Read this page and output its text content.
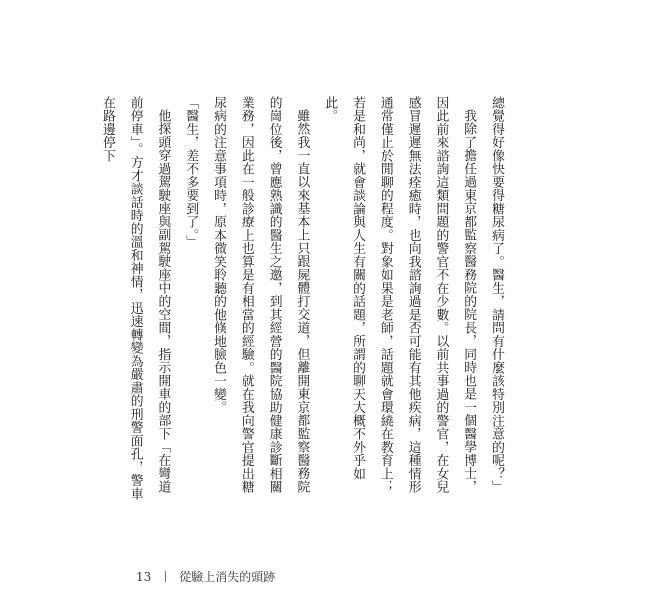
總覺得好像快要得糖尿病了。醫生，請問有什麼該特別注意的呢？」

我除了擔任過東京都監察醫務院的院長，同時也是一個醫學博士，因此前來諮詢這類問題的警官不在少數。以前共事過的警官，在女兒感冒遲遲無法痊癒時，也向我諮詢過是否可能有其他疾病，這種情形通常僅止於閒聊的程度。對象如果是老師，話題就會環繞在教育上；若是和尚，就會談論與人生有關的話題，所謂的聊天大概不外乎如此。

雖然我一直以來基本上只跟屍體打交道，但離開東京都監察醫務院的崗位後，曾應熟識的醫生之邀，到其經營的醫院協助健康診斷相關業務，因此在一般診療上也算是有相當的經驗。就在我向警官提出糖尿病的注意事項時，原本微笑聆聽的他倏地臉色一變。

「醫生，差不多要到了。」

他探頭穿過駕駛座與副駕駛座中的空間，指示開車的部下「在彎道前停車」。方才談話時的溫和神情，迅速轉變為嚴肅的刑警面孔，警車在路邊停下

13 從驗上消失的頭跡
